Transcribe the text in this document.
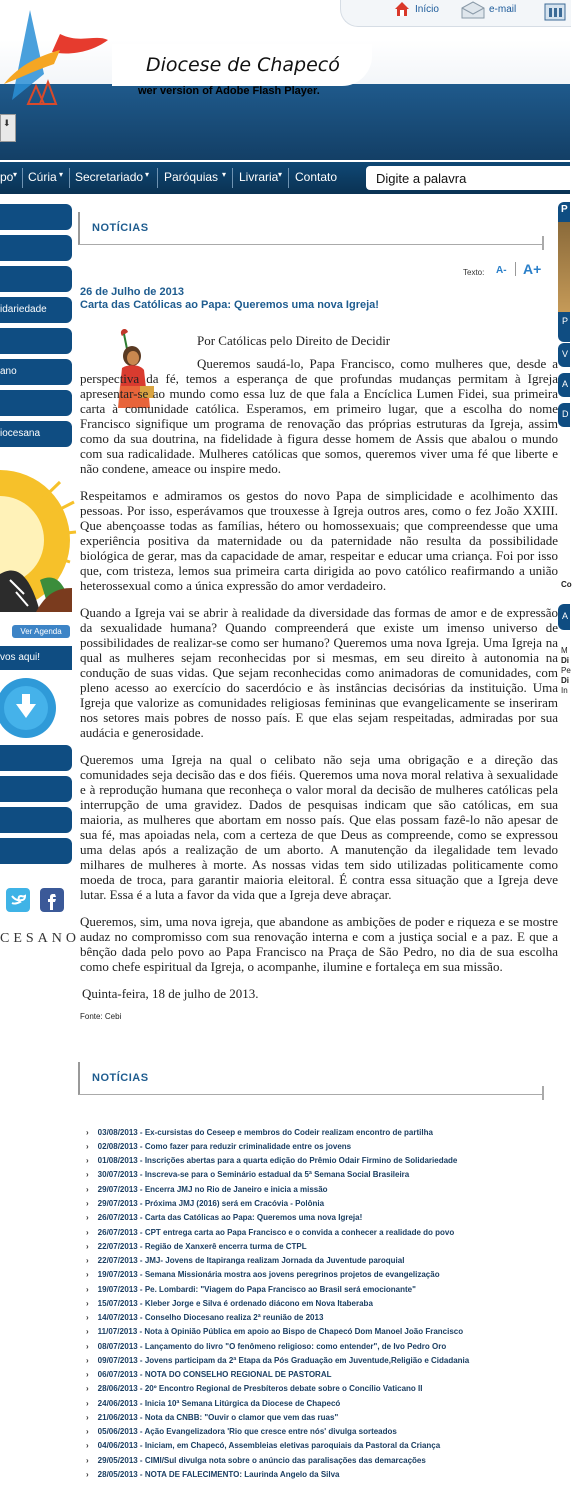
Diocese de Chapecó
wer version of Adobe Flash Player.
⬇
Início	e-mail
po ▾ Cúria ▾ Secretariado ▾ Paróquias ▾ Livraria ▾ Contato	Digite a palavra
idariedade
ano
iocesana
Ver Agenda
vos aqui!
CESANO
P
P
V
A
D
Co
A
M
Di
Pe
Di
In
NOTÍCIAS
Texto: A- A+
26 de Julho de 2013
Carta das Católicas ao Papa: Queremos uma nova Igreja!

Por Católicas pelo Direito de Decidir

Queremos saudá-lo, Papa Francisco, como mulheres que, desde a perspectiva da fé, temos a esperança de que profundas mudanças permitam à Igreja apresentar-se ao mundo como essa luz de que fala a Encíclica Lumen Fidei, sua primeira carta à comunidade católica. Esperamos, em primeiro lugar, que a escolha do nome Francisco signifique um programa de renovação das próprias estruturas da Igreja, assim como da sua doutrina, na fidelidade à figura desse homem de Assis que abalou o mundo com sua radicalidade. Mulheres católicas que somos, queremos viver uma fé que liberte e não condene, ameace ou inspire medo.

Respeitamos e admiramos os gestos do novo Papa de simplicidade e acolhimento das pessoas. Por isso, esperávamos que trouxesse à Igreja outros ares, como o fez João XXIII. Que abençoasse todas as famílias, hétero ou homossexuais; que compreendesse que uma experiência positiva da maternidade ou da paternidade não resulta da possibilidade biológica de gerar, mas da capacidade de amar, respeitar e educar uma criança. Foi por isso que, com tristeza, lemos sua primeira carta dirigida ao povo católico reafirmando a união heterossexual como a única expressão do amor verdadeiro.

Quando a Igreja vai se abrir à realidade da diversidade das formas de amor e de expressão da sexualidade humana? Quando compreenderá que existe um imenso universo de possibilidades de realizar-se como ser humano? Queremos uma nova Igreja. Uma Igreja na qual as mulheres sejam reconhecidas por si mesmas, em seu direito à autonomia na condução de suas vidas. Que sejam reconhecidas como animadoras de comunidades, com pleno acesso ao exercício do sacerdócio e às instâncias decisórias da instituição. Uma Igreja que valorize as comunidades religiosas femininas que evangelicamente se inseriram nos setores mais pobres de nosso país. E que elas sejam respeitadas, admiradas por sua audácia e generosidade.

Queremos uma Igreja na qual o celibato não seja uma obrigação e a direção das comunidades seja decisão das e dos fiéis. Queremos uma nova moral relativa à sexualidade e à reprodução humana que reconheça o valor moral da decisão de mulheres católicas pela interrupção de uma gravidez. Dados de pesquisas indicam que são católicas, em sua maioria, as mulheres que abortam em nosso país. Que elas possam fazê-lo não apesar de sua fé, mas apoiadas nela, com a certeza de que Deus as compreende, como se expressou uma delas após a realização de um aborto. A manutenção da ilegalidade tem levado milhares de mulheres à morte. As nossas vidas tem sido utilizadas politicamente como moeda de troca, para garantir maioria eleitoral. É contra essa situação que a Igreja deve lutar. Essa é a luta a favor da vida que a Igreja deve abraçar.

Queremos, sim, uma nova igreja, que abandone as ambições de poder e riqueza e se mostre audaz no compromisso com sua renovação interna e com a justiça social e a paz. E que a bênção dada pelo povo ao Papa Francisco na Praça de São Pedro, no dia de sua escolha como chefe espiritual da Igreja, o acompanhe, ilumine e fortaleça em sua missão.

Quinta-feira, 18 de julho de 2013.

Fonte: Cebi

NOTÍCIAS
› 03/08/2013 - Ex-cursistas do Ceseep e membros do Codeir realizam encontro de partilha
› 02/08/2013 - Como fazer para reduzir criminalidade entre os jovens
› 01/08/2013 - Inscrições abertas para a quarta edição do Prêmio Odair Firmino de Solidariedade
› 30/07/2013 - Inscreva-se para o Seminário estadual da 5ª Semana Social Brasileira
› 29/07/2013 - Encerra JMJ no Rio de Janeiro e inicia a missão
› 29/07/2013 - Próxima JMJ (2016) será em Cracóvia - Polônia
› 26/07/2013 - Carta das Católicas ao Papa: Queremos uma nova Igreja!
› 26/07/2013 - CPT entrega carta ao Papa Francisco e o convida a conhecer a realidade do povo
› 22/07/2013 - Região de Xanxerê encerra turma de CTPL
› 22/07/2013 - JMJ- Jovens de Itapiranga realizam Jornada da Juventude paroquial
› 19/07/2013 - Semana Missionária mostra aos jovens peregrinos projetos de evangelização
› 19/07/2013 - Pe. Lombardi: "Viagem do Papa Francisco ao Brasil será emocionante"
› 15/07/2013 - Kleber Jorge e Silva é ordenado diácono em Nova Itaberaba
› 14/07/2013 - Conselho Diocesano realiza 2ª reunião de 2013
› 11/07/2013 - Nota à Opinião Pública em apoio ao Bispo de Chapecó Dom Manoel João Francisco
› 08/07/2013 - Lançamento do livro "O fenômeno religioso: como entender", de Ivo Pedro Oro
› 09/07/2013 - Jovens participam da 2ª Etapa da Pós Graduação em Juventude,Religião e Cidadania
› 06/07/2013 - NOTA DO CONSELHO REGIONAL DE PASTORAL
› 28/06/2013 - 20º Encontro Regional de Presbíteros debate sobre o Concílio Vaticano II
› 24/06/2013 - Inicia 10ª Semana Litúrgica da Diocese de Chapecó
› 21/06/2013 - Nota da CNBB: "Ouvir o clamor que vem das ruas"
› 05/06/2013 - Ação Evangelizadora 'Rio que cresce entre nós' divulga sorteados
› 04/06/2013 - Iniciam, em Chapecó, Assembleias eletivas paroquiais da Pastoral da Criança
› 29/05/2013 - CIMI/Sul divulga nota sobre o anúncio das paralisações das demarcações
› 28/05/2013 - NOTA DE FALECIMENTO: Laurinda Angelo da Silva
